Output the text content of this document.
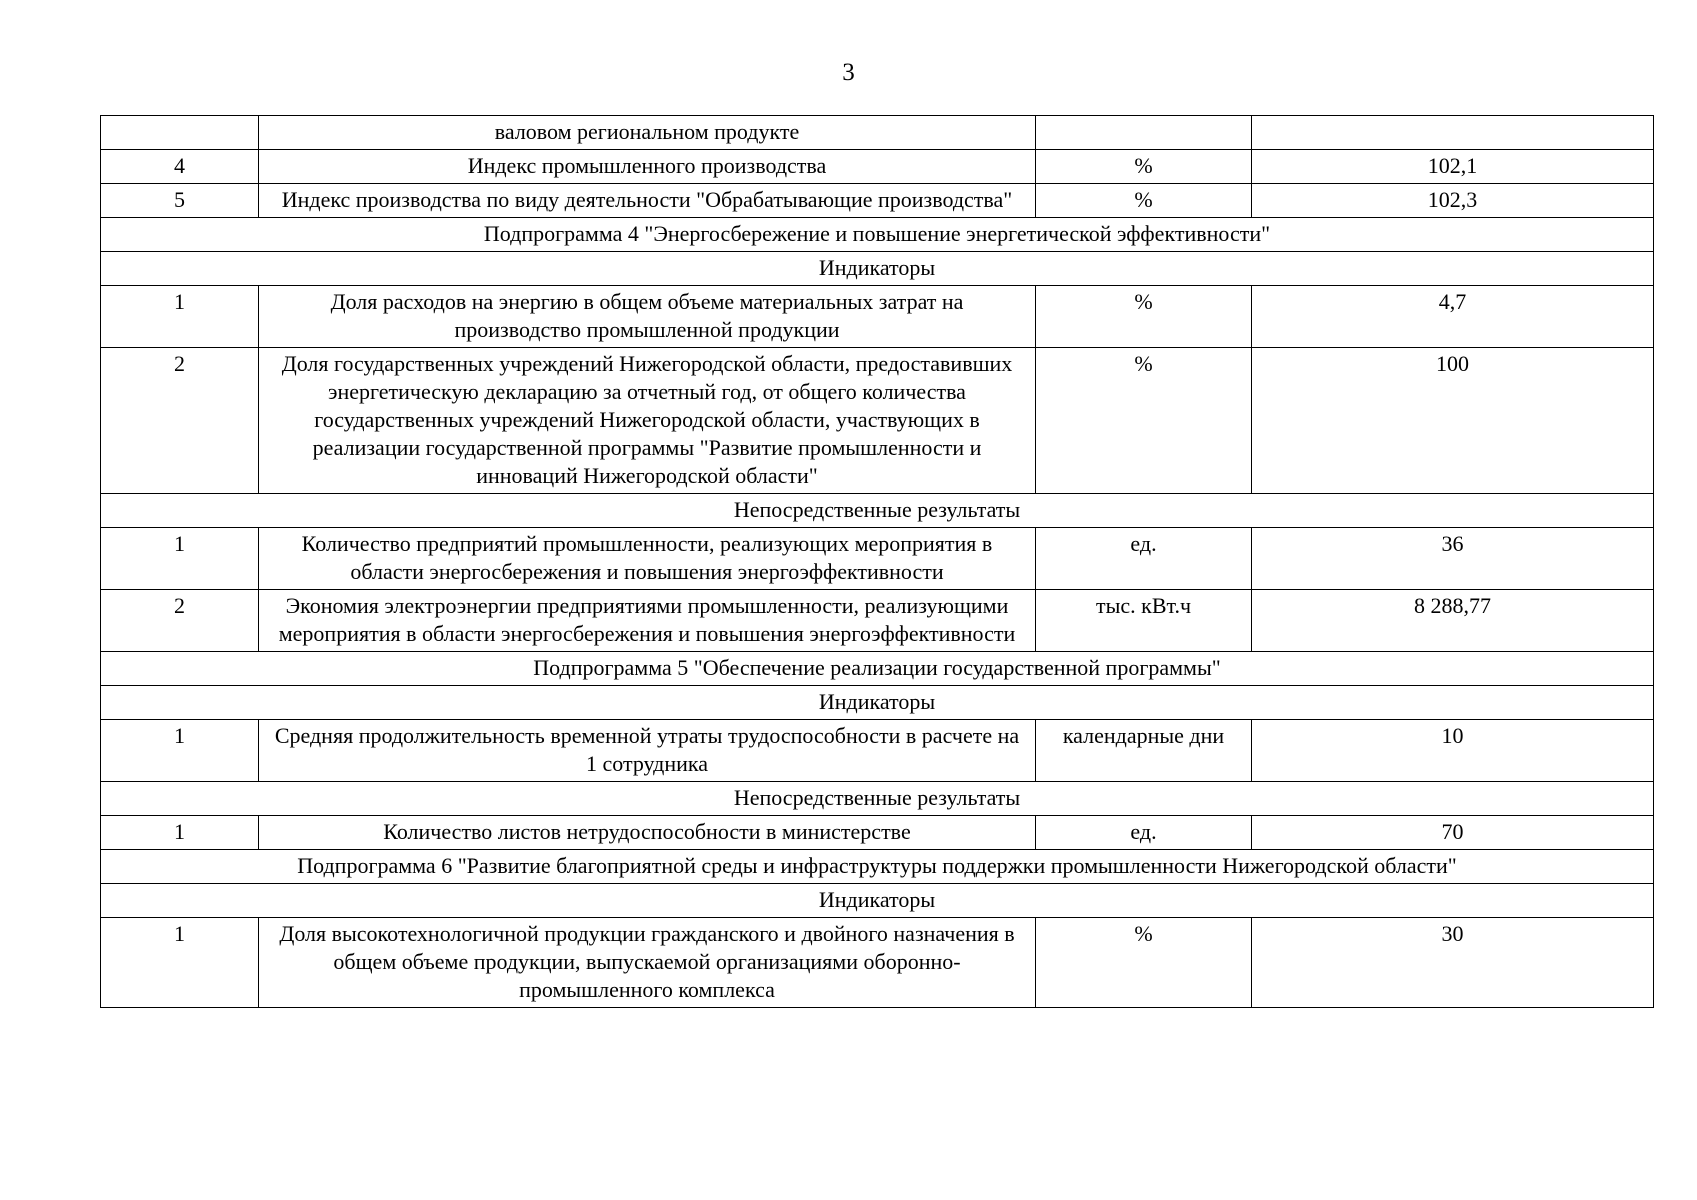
3
	валовом региональном продукте		
4	Индекс промышленного производства	%	102,1
5	Индекс производства по виду деятельности "Обрабатывающие производства"	%	102,3
Подпрограмма 4 "Энергосбережение и повышение энергетической эффективности"			
Индикаторы			
1	Доля расходов на энергию в общем объеме материальных затрат на производство промышленной продукции	%	4,7
2	Доля государственных учреждений Нижегородской области, предоставивших энергетическую декларацию за отчетный год, от общего количества государственных учреждений Нижегородской области, участвующих в реализации государственной программы "Развитие промышленности и инноваций Нижегородской области"	%	100
Непосредственные результаты			
1	Количество предприятий промышленности, реализующих мероприятия в области энергосбережения и повышения энергоэффективности	ед.	36
2	Экономия электроэнергии предприятиями промышленности, реализующими мероприятия в области энергосбережения и повышения энергоэффективности	тыс. кВт.ч	8 288,77
Подпрограмма 5 "Обеспечение реализации государственной программы"			
Индикаторы			
1	Средняя продолжительность временной утраты трудоспособности в расчете на 1 сотрудника	календарные дни	10
Непосредственные результаты			
1	Количество листов нетрудоспособности в министерстве	ед.	70
Подпрограмма 6 "Развитие благоприятной среды и инфраструктуры поддержки промышленности Нижегородской области"			
Индикаторы			
1	Доля высокотехнологичной продукции гражданского и двойного назначения в общем объеме продукции, выпускаемой организациями оборонно-промышленного комплекса	%	30
